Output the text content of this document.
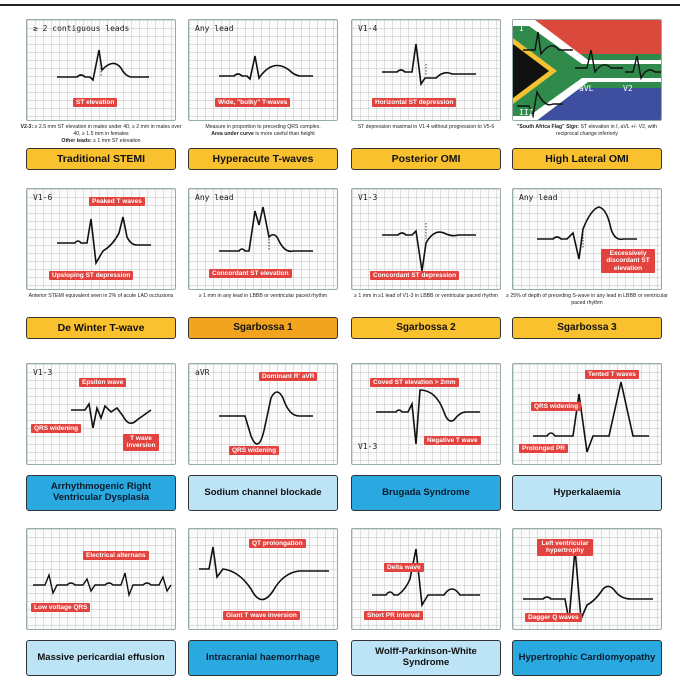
≥ 2 contiguous leads
ST elevation
V2-3: ≥ 2.5 mm ST elevation in males under 40, ≥ 2 mm in males over 40, ≥ 1.5 mm in females
Other leads: ≥ 1 mm ST elevation
Traditional STEMI
Any lead
Wide, "bulky" T-waves
Measure in proportion to preceding QRS complex.
Area under curve is more useful than height
Hyperacute T-waves
V1-4
Horizontal ST depression
ST depression maximal in V1-4 without progression to V5-6
Posterior OMI
I
aVL	V2
III
"South Africa Flag" Sign: ST elevation in I, aVL +/- V2, with reciprocal change inferiorly
High Lateral OMI
V1-6	Peaked T waves
Upsloping ST depression
Anterior STEMI equivalent seen in 2% of acute LAD occlusions
De Winter T-wave
Any lead
Concordant ST elevation
≥ 1 mm in any lead in LBBB or ventricular paced rhythm
Sgarbossa 1
V1-3
Concordant ST depression
≥ 1 mm in ≥1 lead of V1-3 in LBBB or ventricular paced rhythm
Sgarbossa 2
Any lead
Excessively discordant ST elevation
≥ 25% of depth of preceding S-wave in any lead in LBBB or ventricular paced rhythm
Sgarbossa 3
V1-3
Epsilon wave
QRS widening
T wave inversion
Arrhythmogenic Right Ventricular Dysplasia
aVR	Dominant R' aVR
QRS widening
Sodium channel blockade
V1-3
Coved ST elevation > 2mm
Negative T wave
Brugada Syndrome
Tented T waves
QRS widening
Prolonged PR
Hyperkalaemia
Electrical alternans
Low voltage QRS
Massive pericardial effusion
QT prolongation
Giant T wave inversion
Intracranial haemorrhage
Delta wave
Short PR interval
Wolff-Parkinson-White Syndrome
Left ventricular hypertrophy
Dagger Q waves
Hypertrophic Cardiomyopathy
